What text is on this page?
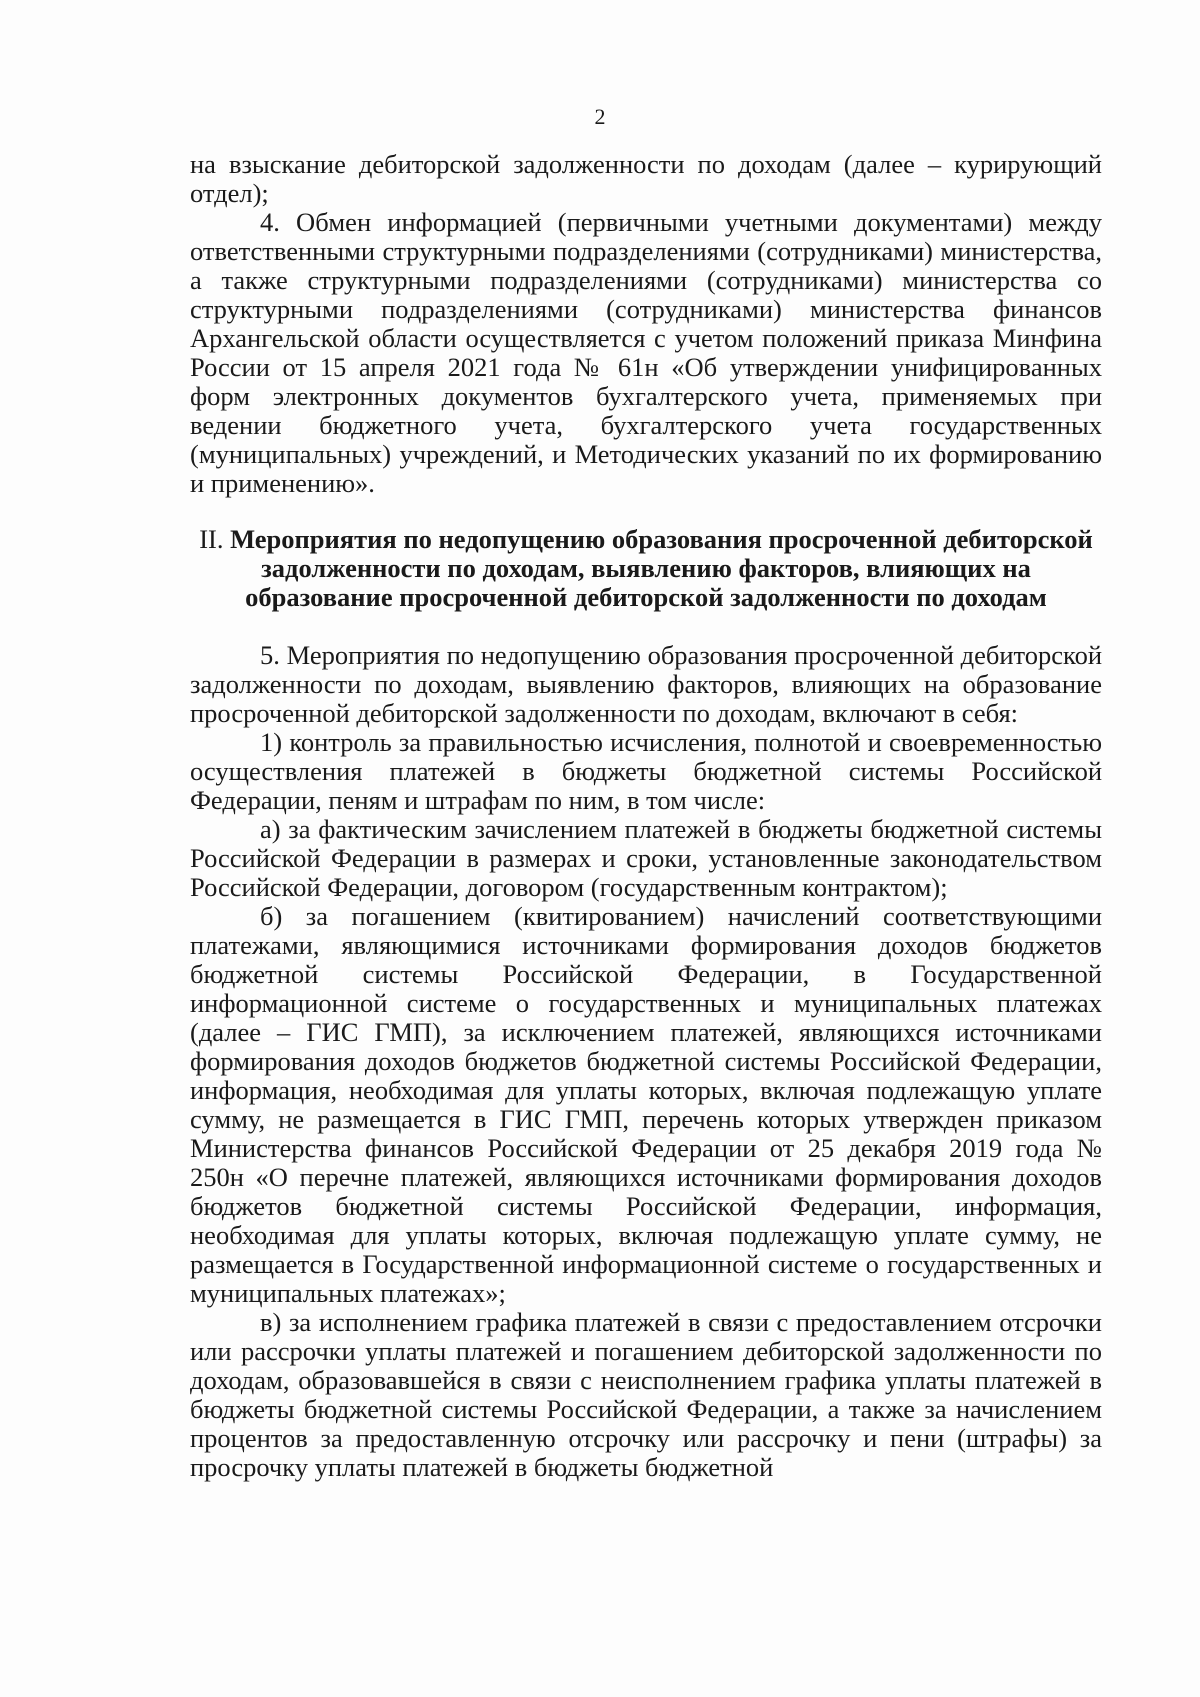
2

на взыскание дебиторской задолженности по доходам (далее – курирующий отдел);

4. Обмен информацией (первичными учетными документами) между ответственными структурными подразделениями (сотрудниками) министерства, а также структурными подразделениями (сотрудниками) министерства со структурными подразделениями (сотрудниками) министерства финансов Архангельской области осуществляется с учетом положений приказа Минфина России от 15 апреля 2021 года № 61н «Об утверждении унифицированных форм электронных документов бухгалтерского учета, применяемых при ведении бюджетного учета, бухгалтерского учета государственных (муниципальных) учреждений, и Методических указаний по их формированию и применению».

II. Мероприятия по недопущению образования просроченной дебиторской задолженности по доходам, выявлению факторов, влияющих на образование просроченной дебиторской задолженности по доходам

5. Мероприятия по недопущению образования просроченной дебиторской задолженности по доходам, выявлению факторов, влияющих на образование просроченной дебиторской задолженности по доходам, включают в себя:

1) контроль за правильностью исчисления, полнотой и своевременностью осуществления платежей в бюджеты бюджетной системы Российской Федерации, пеням и штрафам по ним, в том числе:

а) за фактическим зачислением платежей в бюджеты бюджетной системы Российской Федерации в размерах и сроки, установленные законодательством Российской Федерации, договором (государственным контрактом);

б) за погашением (квитированием) начислений соответствующими платежами, являющимися источниками формирования доходов бюджетов бюджетной системы Российской Федерации, в Государственной информационной системе о государственных и муниципальных платежах (далее – ГИС ГМП), за исключением платежей, являющихся источниками формирования доходов бюджетов бюджетной системы Российской Федерации, информация, необходимая для уплаты которых, включая подлежащую уплате сумму, не размещается в ГИС ГМП, перечень которых утвержден приказом Министерства финансов Российской Федерации от 25 декабря 2019 года № 250н «О перечне платежей, являющихся источниками формирования доходов бюджетов бюджетной системы Российской Федерации, информация, необходимая для уплаты которых, включая подлежащую уплате сумму, не размещается в Государственной информационной системе о государственных и муниципальных платежах»;

в) за исполнением графика платежей в связи с предоставлением отсрочки или рассрочки уплаты платежей и погашением дебиторской задолженности по доходам, образовавшейся в связи с неисполнением графика уплаты платежей в бюджеты бюджетной системы Российской Федерации, а также за начислением процентов за предоставленную отсрочку или рассрочку и пени (штрафы) за просрочку уплаты платежей в бюджеты бюджетной
